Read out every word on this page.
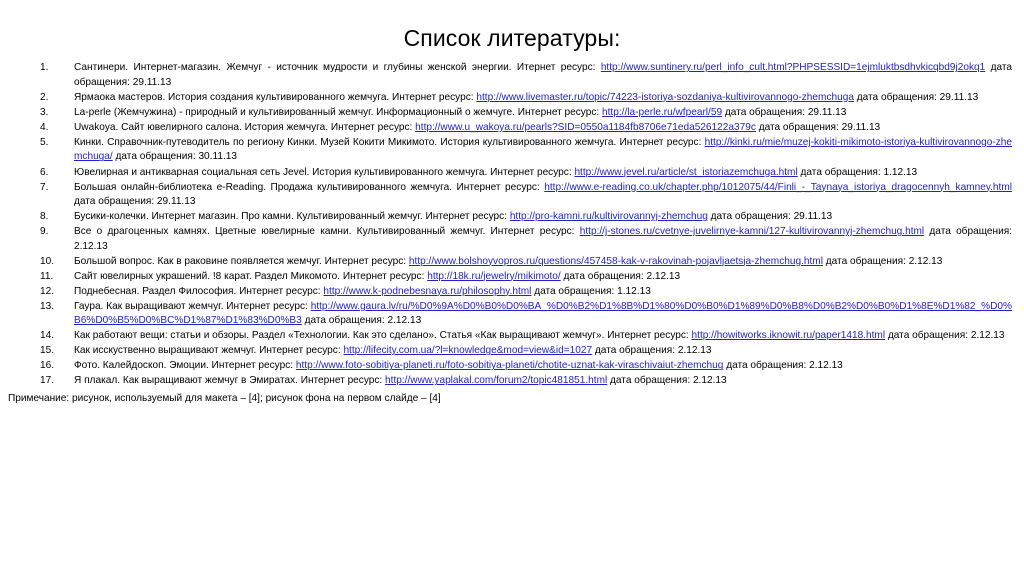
Список литературы:
1.	Сантинери. Интернет-магазин. Жемчуг - источник мудрости и глубины женской энергии. Итернет ресурс: http://www.suntinery.ru/perl_info_cult.html?PHPSESSID=1ejmluktbsdhvkicqbd9j2okq1 дата обращения: 29.11.13
2.	Ярмаока мастеров. История создания культивированного жемчуга. Интернет ресурс: http://www.livemaster.ru/topic/74223-istoriya-sozdaniya-kultivirovannogo-zhemchuga дата обращения: 29.11.13
3.	La-perle (Жемчужина) - природный и культивированный жемчуг. Информационный о жемчуге. Интернет ресурс: http://la-perle.ru/wfpearl/59 дата обращения: 29.11.13
4.	Uwakoya. Сайт ювелирного салона. История жемчуга. Интернет ресурс: http://www.u_wakoya.ru/pearls?SID=0550a1184fb8706e71eda526122a379c дата обращения: 29.11.13
5.	Кинки. Справочник-путеводитель по региону Кинки. Музей Кокити Микимото. История культивированного жемчуга. Интернет ресурс: http://kinki.ru/mie/muzej-kokiti-mikimoto-istoriya-kultivirovannogo-zhemchuga/ дата обращения: 30.11.13
6.	Ювелирная и антикварная социальная сеть Jevel. История культивированного жемчуга. Интернет ресурс: http://www.jevel.ru/article/st_istoriazemchuga.html дата обращения: 1.12.13
7.	Большая онлайн-библиотека e-Reading. Продажа культивированного жемчуга. Интернет ресурс: http://www.e-reading.co.uk/chapter.php/1012075/44/Finli_-_Taynaya_istoriya_dragocennyh_kamney.html дата обращения: 29.11.13
8.	Бусики-колечки. Интернет магазин. Про камни. Культивированный жемчуг. Интернет ресурс: http://pro-kamni.ru/kultivirovannyj-zhemchug дата обращения: 29.11.13
9.	Все о драгоценных камнях. Цветные ювелирные камни. Культивированный жемчуг. Интернет ресурс: http://j-stones.ru/cvetnye-juvelirnye-kamni/127-kultivirovannyj-zhemchug.html дата обращения: 2.12.13
10.	Большой вопрос. Как в раковине появляется жемчуг. Интернет ресурс: http://www.bolshoyvopros.ru/questions/457458-kak-v-rakovinah-pojavljaetsja-zhemchug.html дата обращения: 2.12.13
11.	Сайт ювелирных украшений. !8 карат. Раздел Микомото. Интернет ресурс: http://18k.ru/jewelry/mikimoto/ дата обращения: 2.12.13
12.	Поднебесная. Раздел Философия. Интернет ресурс: http://www.k-podnebesnaya.ru/philosophy.html дата обращения: 1.12.13
13.	Гаура. Как выращивают жемчуг. Интернет ресурс: http://www.gaura.lv/ru/%D0%9A%D0%B0%D0%BA_%D0%B2%D1%8B%D1%80%D0%B0%D1%89%D0%B8%D0%B2%D0%B0%D1%8E%D1%82_%D0%B6%D0%B5%D0%BC%D1%87%D1%83%D0%B3 дата обращения: 2.12.13
14.	Как работают вещи: статьи и обзоры. Раздел «Технологии. Как это сделано». Статья «Как выращивают жемчуг». Интернет ресурс: http://howitworks.iknowit.ru/paper1418.html дата обращения: 2.12.13
15.	Как исскуственно выращивают жемчуг. Интернет ресурс: http://lifecity.com.ua/?l=knowledge&mod=view&id=1027 дата обращения: 2.12.13
16.	Фото. Калейдоскоп. Эмоции. Интернет ресурс: http://www.foto-sobitiya-planeti.ru/foto-sobitiya-planeti/chotite-uznat-kak-viraschivaiut-zhemchug дата обращения: 2.12.13
17.	Я плакал. Как выращивают жемчуг в Эмиратах. Интернет ресурс: http://www.yaplakal.com/forum2/topic481851.html дата обращения: 2.12.13
Примечание: рисунок, используемый для макета – [4]; рисунок фона на первом слайде – [4]
